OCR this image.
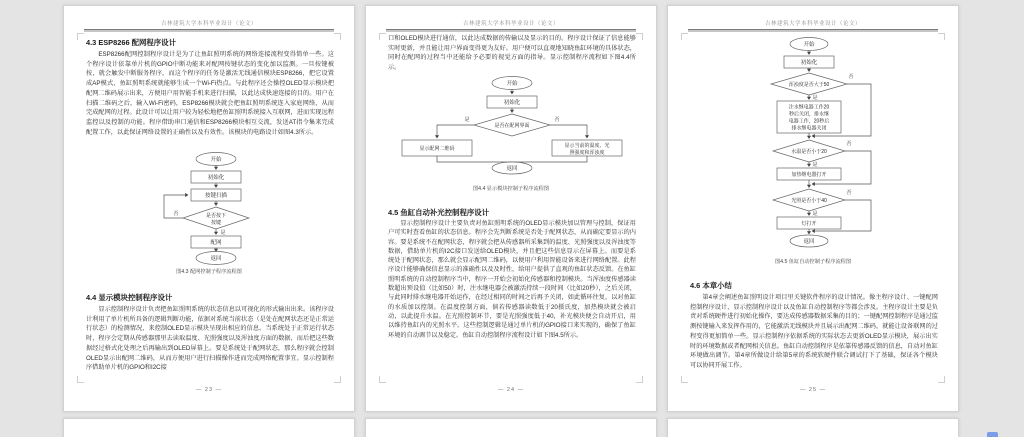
吉林建筑大学本科毕业设计（论文）
4.3 ESP8266 配网程序设计

ESP8266配网控制程序设计是为了让鱼缸照明系统的网络连接流程变得简单一些。这个程序设计依靠单片机的GPIO中断功能来对配网按键状态的变化加以监测。一旦按键被按，就会触发中断服务程序，而这个程序的任务是激活无线通信模块ESP8266，把它设置成AP模式，鱼缸照明系统就能够生成一个Wi-Fi热点。与此程序还会操控OLED显示模块把配网二维码展示出来，方便用户用智能手机来进行扫描，以此达成快速连接的目的。用户在扫描二维码之后，输入Wi-Fi密码，ESP8266模块就会把鱼缸照明系统连入家庭网络，从而完成配网的过程。此设计可以让用户较为轻松地把鱼缸照明系统接入互联网，进而实现远程监控以及控制的功能。程序借助串口通信和ESP8266模块相互交流，发送AT指令集来完成配置工作，以此保证网络设置的正确性以及有效性。该模块的电路设计如图4.3所示。

开始
初始化
按键扫描
是否按下
按键
否
是
配网
返回
图4.3 配网控制子程序流程图
4.4 显示模块控制程序设计

显示控制程序设计负责把鱼缸照明系统的状态信息以可视化的形式输出出来。该程序设计利用了单片机所具备的逻辑判断功能，依据对系统当前状态（是处在配网状态还是正常运行状态）的检测情况，来控制OLED显示模块呈现出相应的信息。当系统处于正常运行状态时，程序会定期从传感器那里去读取温度、光照强度以及浑浊度方面的数据，而后把这些数据经过格式化处理之后再输出到OLED屏幕上。要是系统处于配网状态，那么程序就会控制OLED显示出配网二维码，从而方便用户进行扫描操作进而完成网络配置事宜。显示控制程序借助单片机的GPIO和I2C接

— 23 —
吉林建筑大学本科毕业设计（论文）

口和OLED模块进行通信，以此达成数据的传输以及显示的目的。程序设计保证了信息能够实时更新，并且能让用户界面变得更为友好。用户便可以直观地知晓鱼缸环境的具体状态，同时在配网的过程当中还能给予必要的视觉方面的指导。显示控制程序流程如下图4.4所示。

开始
初始化
是否在配网界面
是	否
显示配网二维码	显示当前的温度、光
照强度和浑浊度
返回
图4.4 显示模块控制子程序流程图
4.5 鱼缸自动补光控制程序设计

显示控制程序设计主要负责对鱼缸照明系统的OLED显示模块加以管理与控制，保证用户可实时查看鱼缸的状态信息。程序会先判断系统是否处于配网状态，从而确定要显示的内容。要是系统不在配网状态，程序就会把从传感器所采集到的温度、光照强度以及浑浊度等数据，借助单片机的I2C接口发送给OLED模块，并且把这些信息显示在屏幕上。而要是系统处于配网状态，那么就会显示配网二维码，以便用户利用智能设备来进行网络配置。此程序设计能够确保信息显示的准确性以及及时性，给用户提供了直观的鱼缸状态反馈。在鱼缸照明系统的自动控制程序当中，程序一开始会初始化传感器和控制模块。当浑浊度传感器读数超出预设值（比如50）时，注水继电器会被激活持续一段时间（比如20秒），之后关闭，与此同时排水继电器开始运作，在经过相同的时间之后再予关闭，如此循环往复，以对鱼缸的水质加以控制。在温度控制方面，倘若传感器读数低于20摄氏度，加热模块就会被启动，以此提升水温。在光照控制环节，要是光照强度低于40，补光模块便会自动开启，用以维持鱼缸内的光照水平。这些控制逻辑是通过单片机的GPIO接口来实现的，确保了鱼缸环境的自动调节以及稳定。鱼缸自动控制程序流程设计如下图4.5所示。

— 24 —
吉林建筑大学本科毕业设计（论文）
开始
初始化
浑浊度是否大于50
否
是
注水继电器工作20
秒后关闭，排水继
电器工作，20秒后
排水继电器关闭
水温是否小于20
否
是
加热继电器打开
光照是否小于40
否
是
灯打开
返回
图4.5 鱼缸自动控制子程序流程图
4.6 本章小结

第4章会阐述鱼缸照明设计项目里关键软件程序的设计情况。像主程序设计、一键配网控制程序设计、显示控制程序设计以及鱼缸自动控制程序等都会涉及。主程序设计主要是负责对系统硬件进行初始化操作，要达成传感器数据采集的目的；一键配网控制程序是通过监测按键输入来发挥作用的，它能激活无线模块并且展示出配网二维码，就能让设备联网的过程变得更加简单一些。显示控制程序依据系统的实际状态去更新OLED显示模块，展示出实时的环境数据或者配网相关信息。鱼缸自动控制程序是依靠传感器反馈的信息，自动对鱼缸环境做出调节。第4章所做设计给第5章的系统软硬件联合调试打下了基础，保证各个模块可以协同开展工作。

— 25 —
